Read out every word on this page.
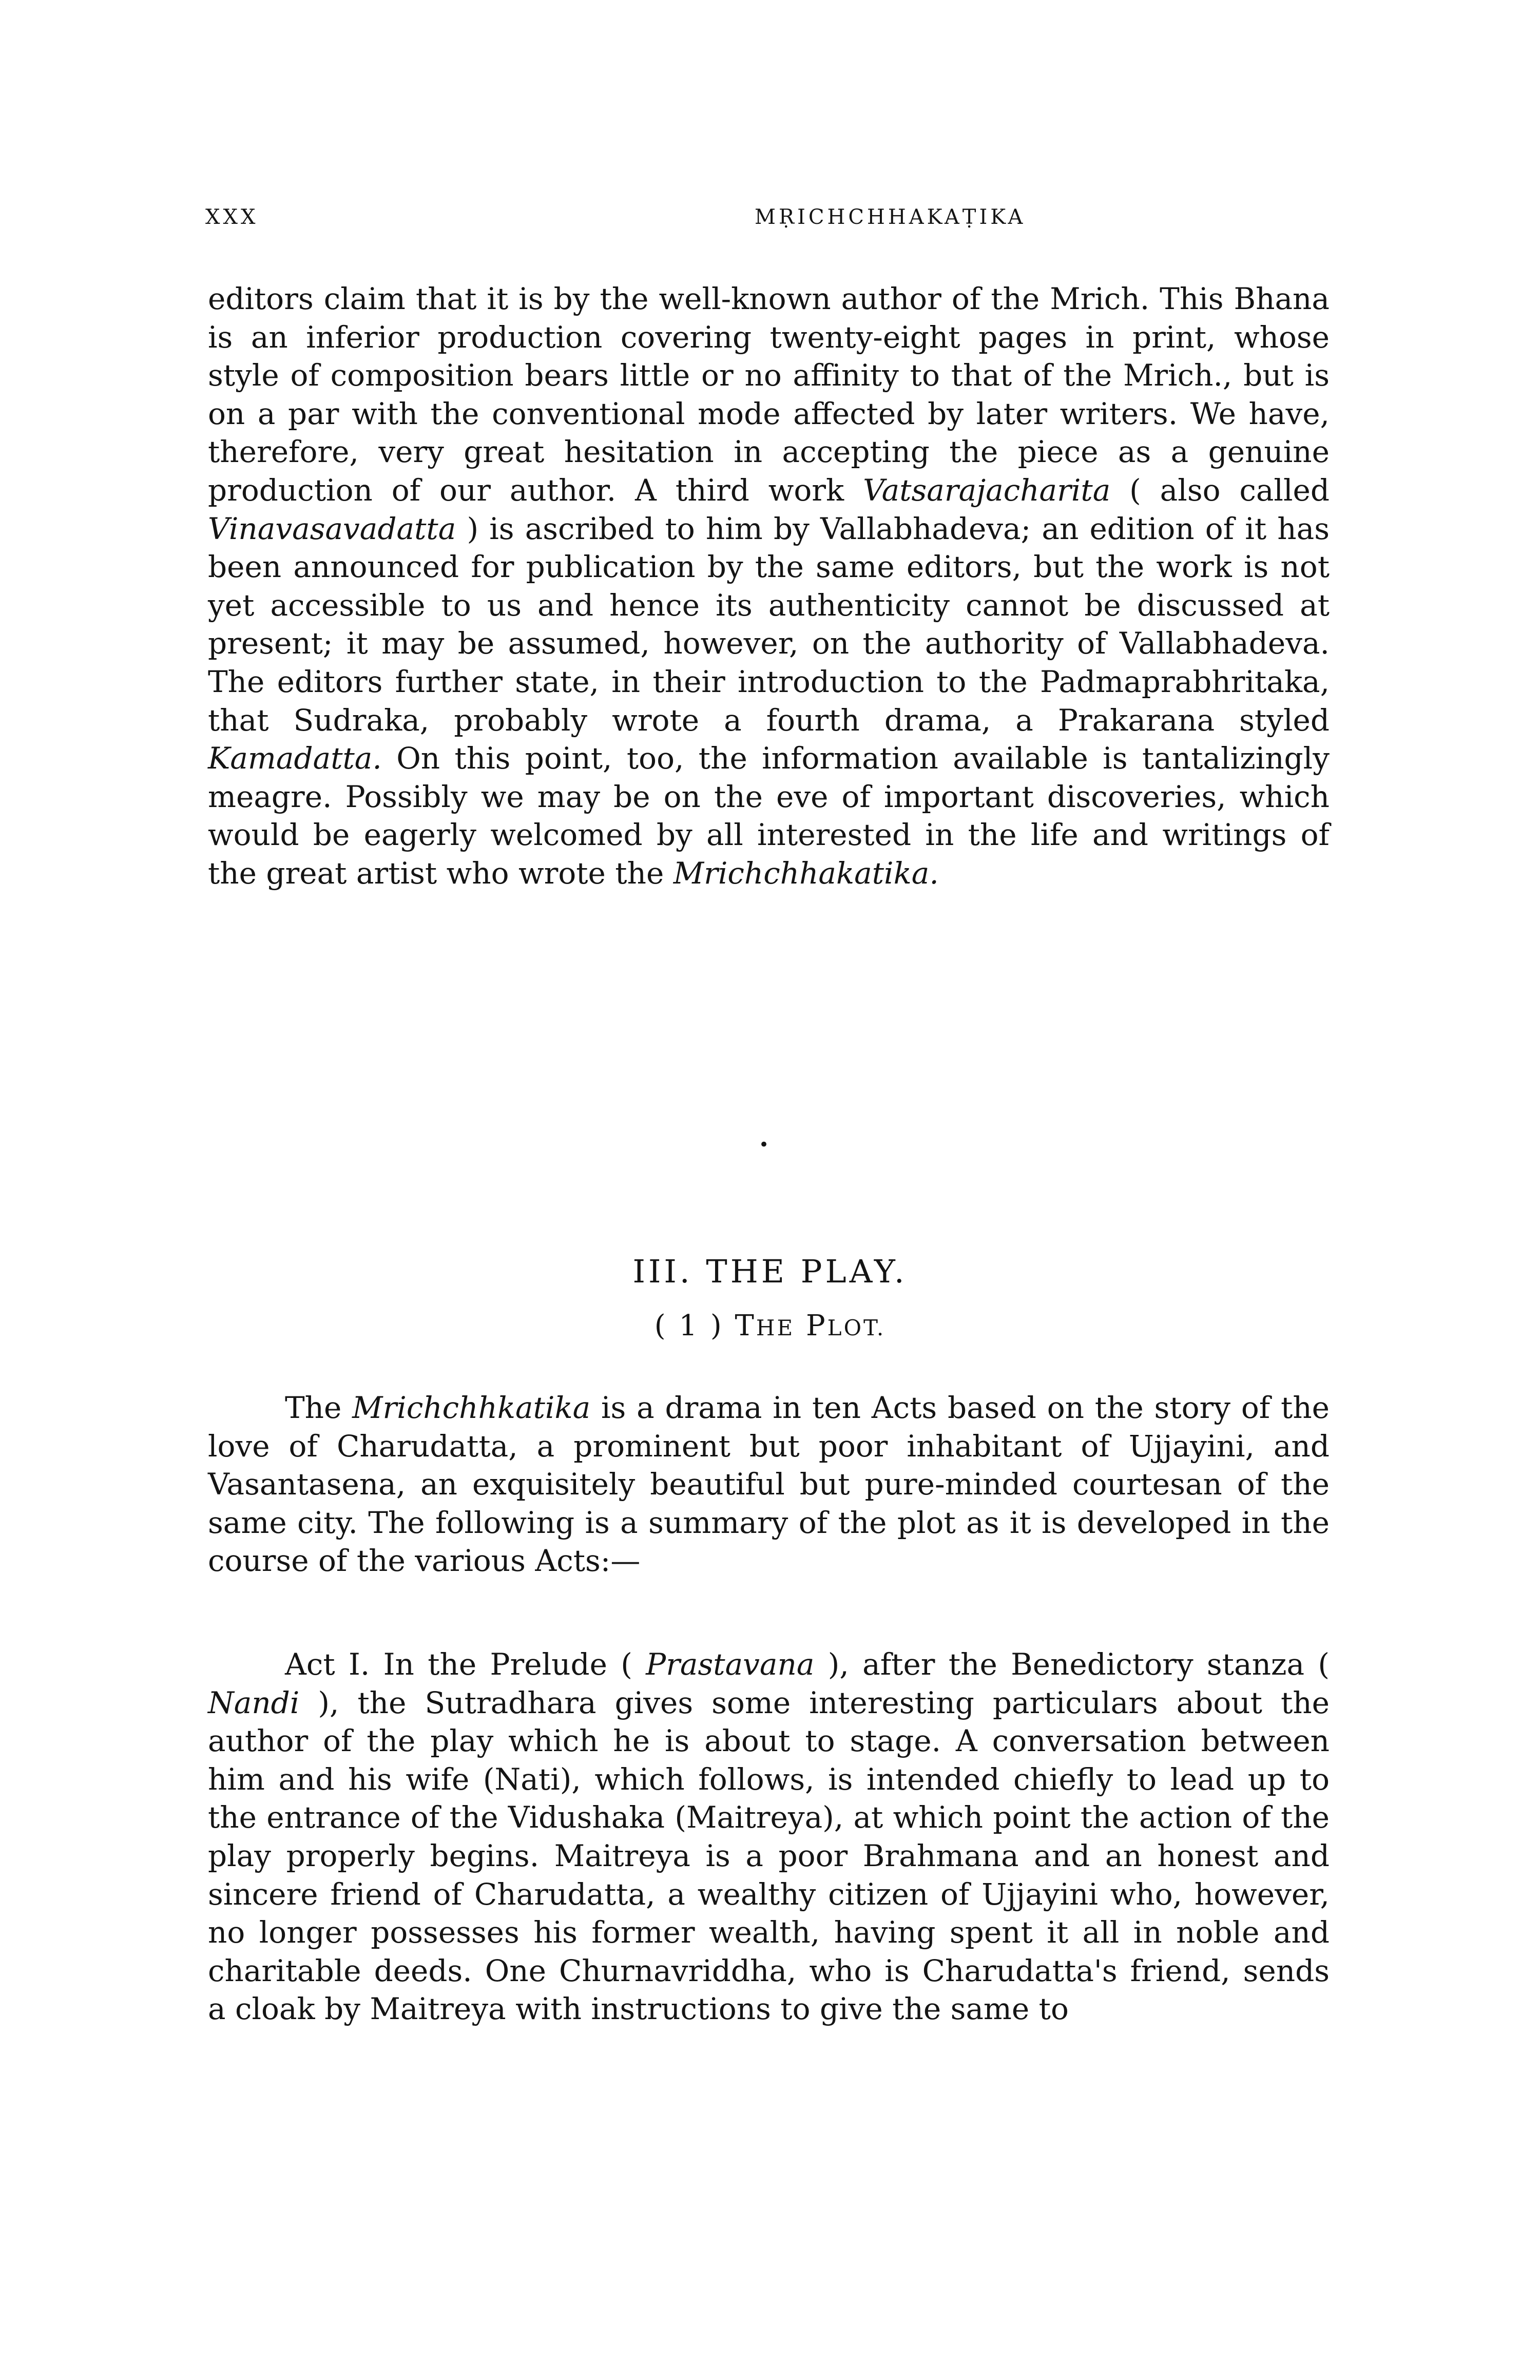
XXX	MṚICHCHHAKAṬIKA

editors claim that it is by the well-known author of the Mrich. This Bhana is an inferior production covering twenty-eight pages in print, whose style of composition bears little or no affinity to that of the Mrich., but is on a par with the conventional mode affected by later writers. We have, therefore, very great hesitation in accepting the piece as a genuine production of our author. A third work Vatsarajacharita ( also called Vinavasavadatta ) is ascribed to him by Vallabhadeva; an edition of it has been announced for publication by the same editors, but the work is not yet accessible to us and hence its authenticity cannot be discussed at present; it may be assumed, however, on the authority of Vallabhadeva. The editors further state, in their introduction to the Padmaprabhritaka, that Sudraka, probably wrote a fourth drama, a Prakarana styled Kamadatta. On this point, too, the information available is tantalizingly meagre. Possibly we may be on the eve of important discoveries, which would be eagerly welcomed by all interested in the life and writings of the great artist who wrote the Mrichchhakatika.

•
III. THE PLAY.
( 1 ) THE PLOT.

The Mrichchhkatika is a drama in ten Acts based on the story of the love of Charudatta, a prominent but poor inhabitant of Ujjayini, and Vasantasena, an exquisitely beautiful but pure-minded courtesan of the same city. The following is a summary of the plot as it is developed in the course of the various Acts:—

Act I. In the Prelude ( Prastavana ), after the Benedictory stanza ( Nandi ), the Sutradhara gives some interesting particulars about the author of the play which he is about to stage. A conversation between him and his wife (Nati), which follows, is intended chiefly to lead up to the entrance of the Vidushaka (Maitreya), at which point the action of the play properly begins. Maitreya is a poor Brahmana and an honest and sincere friend of Charudatta, a wealthy citizen of Ujjayini who, however, no longer possesses his former wealth, having spent it all in noble and charitable deeds. One Churnavriddha, who is Charudatta's friend, sends a cloak by Maitreya with instructions to give the same to
